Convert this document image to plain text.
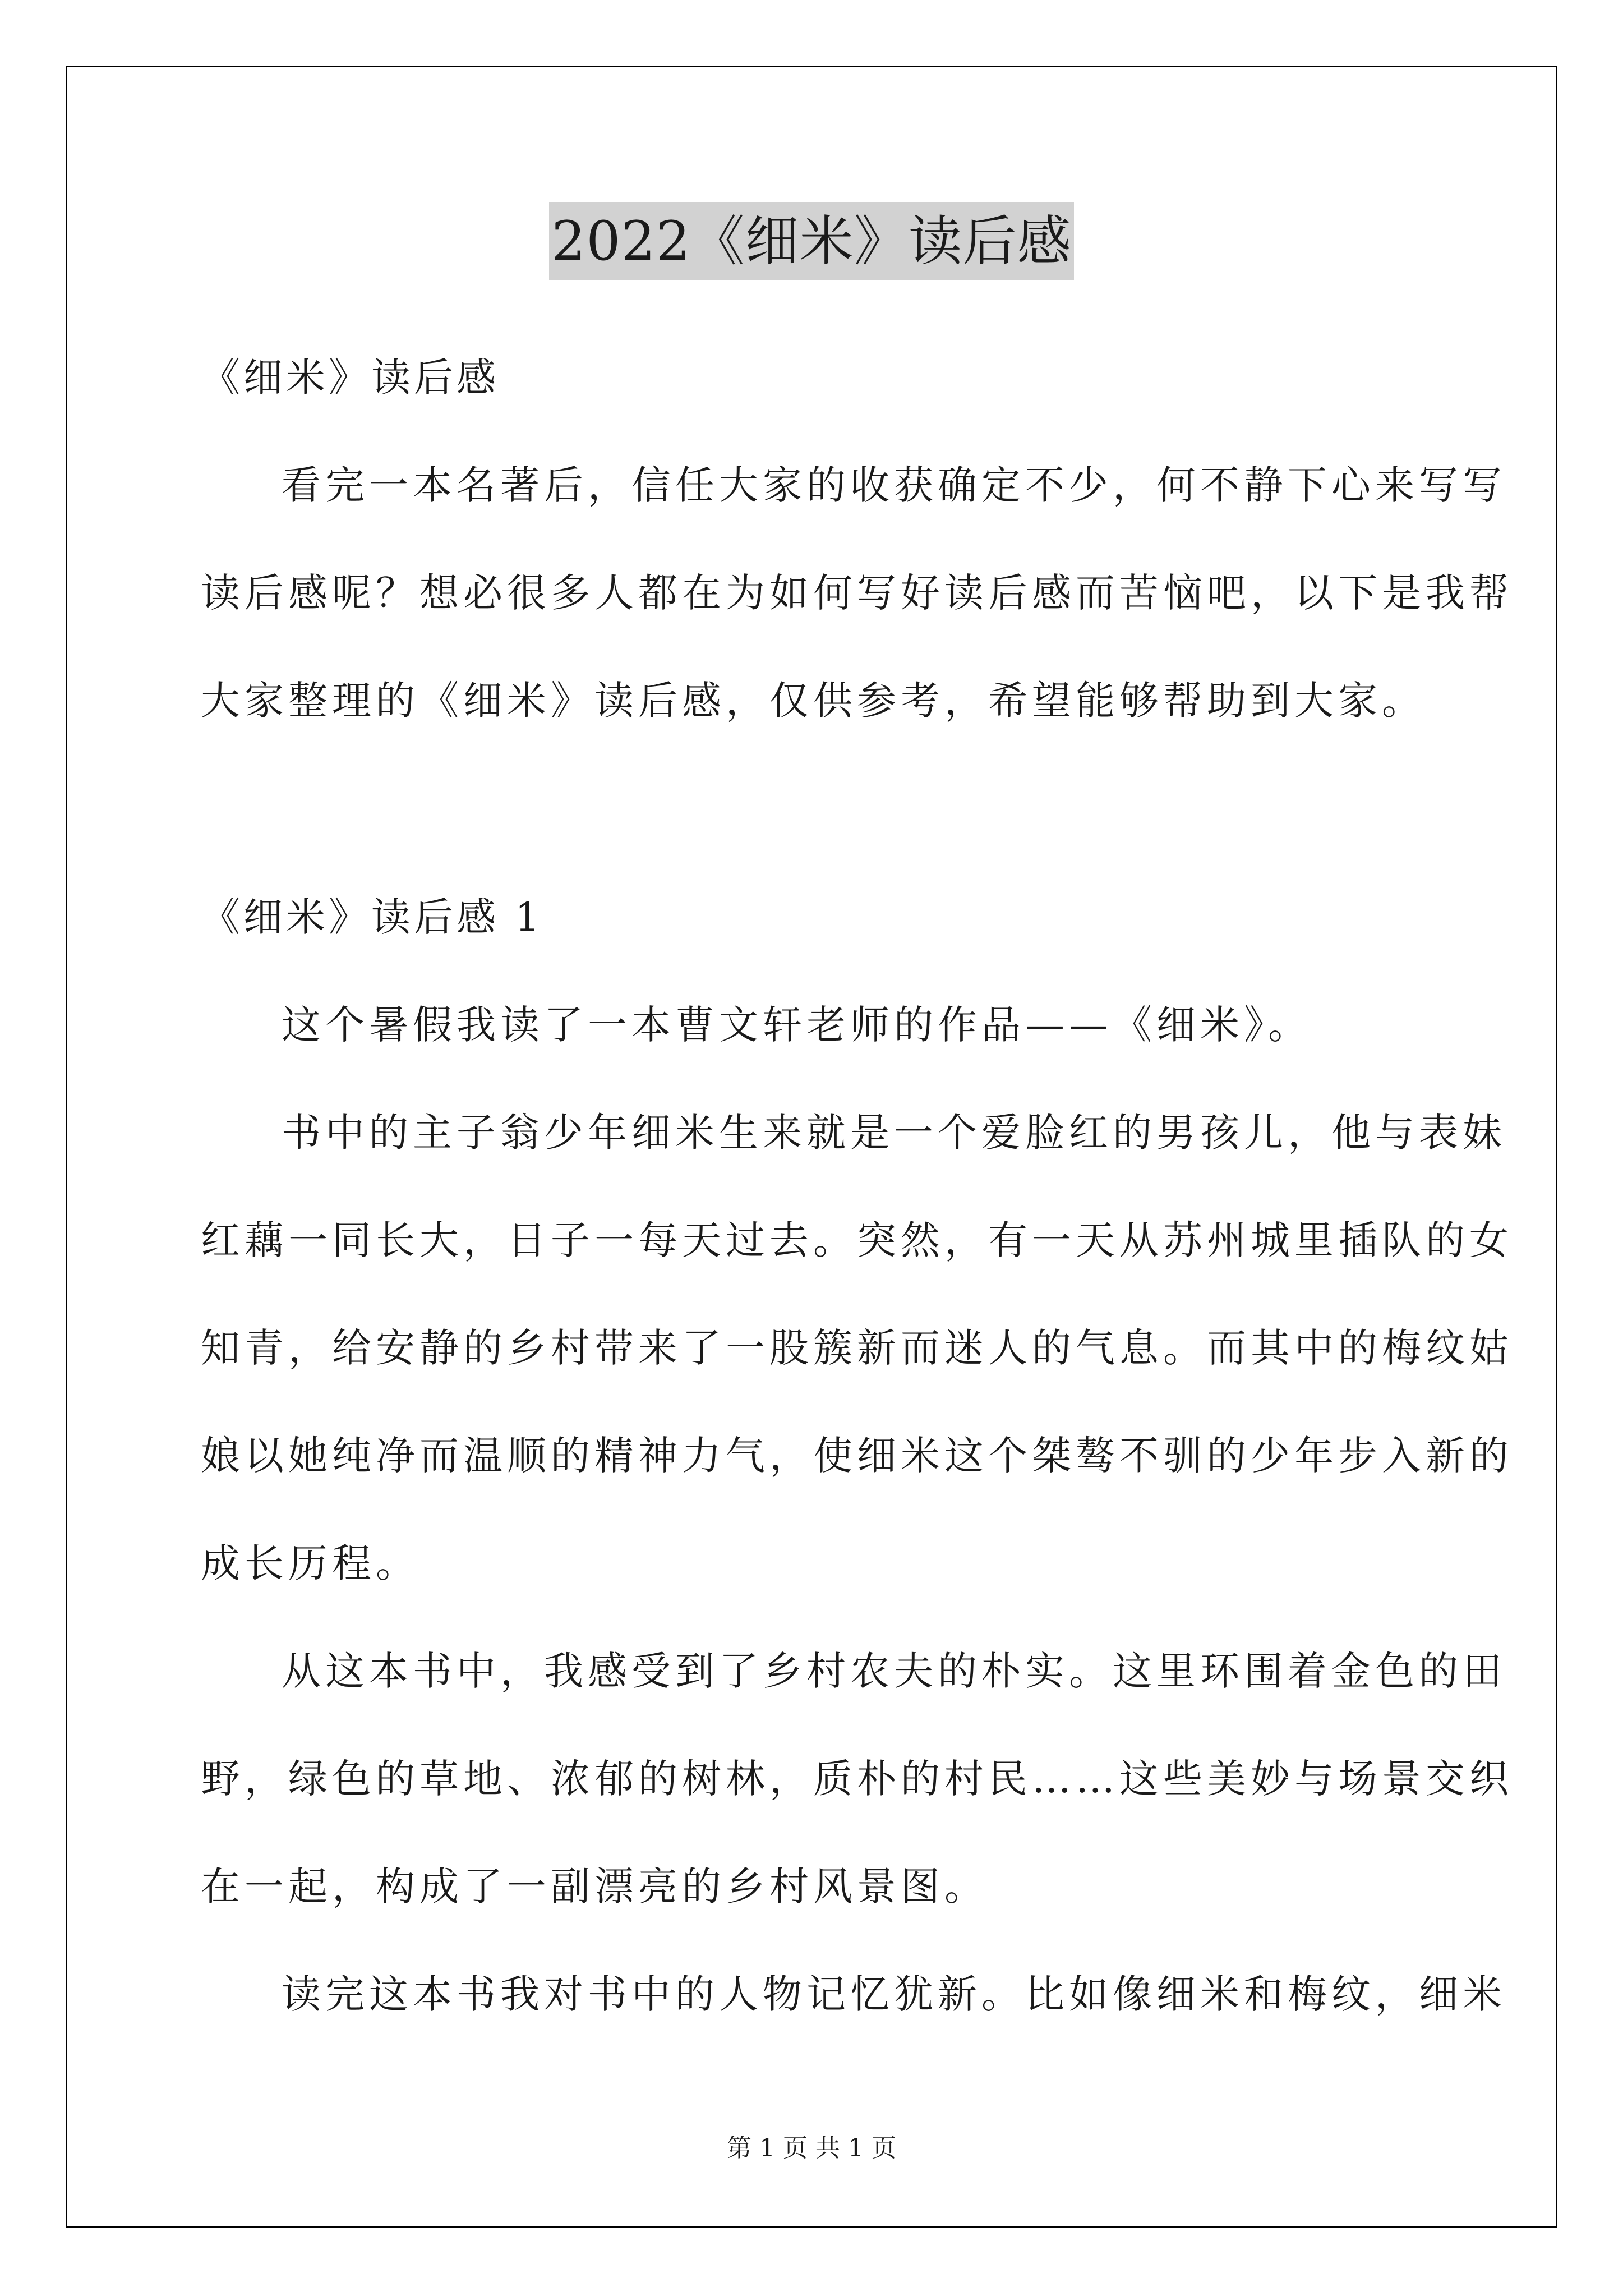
2022《细米》读后感
《细米》读后感
看完一本名著后，信任大家的收获确定不少，何不静下心来写写
读后感呢？想必很多人都在为如何写好读后感而苦恼吧，以下是我帮
大家整理的《细米》读后感，仅供参考，希望能够帮助到大家。
《细米》读后感 1
这个暑假我读了一本曹文轩老师的作品——《细米》。
书中的主子翁少年细米生来就是一个爱脸红的男孩儿，他与表妹
红藕一同长大，日子一每天过去。突然，有一天从苏州城里插队的女
知青，给安静的乡村带来了一股簇新而迷人的气息。而其中的梅纹姑
娘以她纯净而温顺的精神力气，使细米这个桀骜不驯的少年步入新的
成长历程。
从这本书中，我感受到了乡村农夫的朴实。这里环围着金色的田
野，绿色的草地、浓郁的树林，质朴的村民……这些美妙与场景交织
在一起，构成了一副漂亮的乡村风景图。
读完这本书我对书中的人物记忆犹新。比如像细米和梅纹，细米
第 1 页 共 1 页
